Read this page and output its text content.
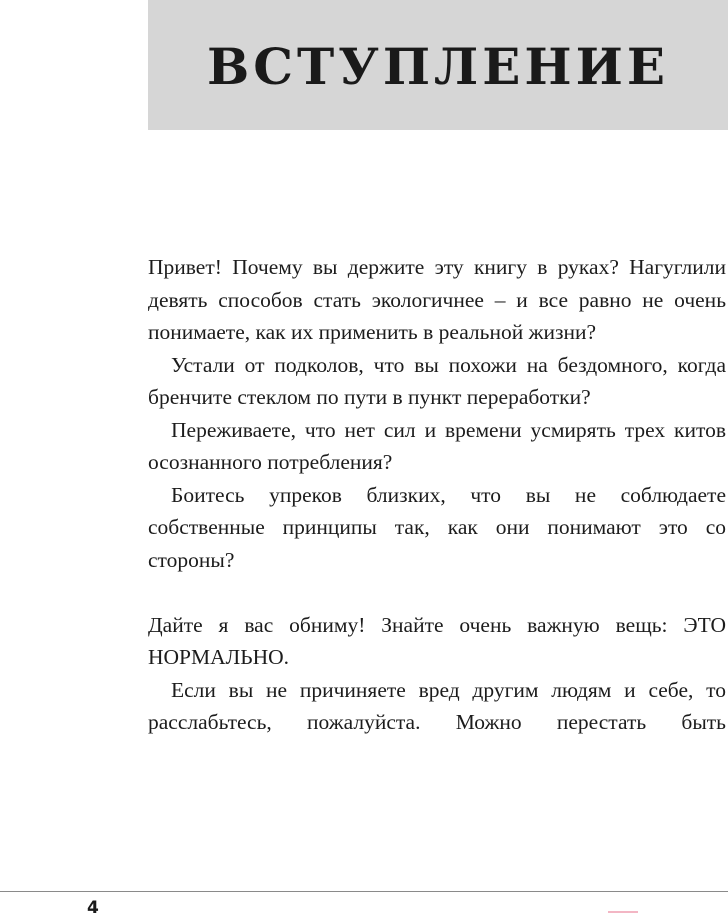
ВСТУПЛЕНИЕ

Привет! Почему вы держите эту книгу в руках? Нагуглили девять способов стать экологичнее – и все равно не очень понимаете, как их применить в реальной жизни?

Устали от подколов, что вы похожи на бездомного, когда бренчите стеклом по пути в пункт переработки?

Переживаете, что нет сил и времени усмирять трех китов осознанного потребления?

Боитесь упреков близких, что вы не соблюдаете собственные принципы так, как они понимают это со стороны?

Дайте я вас обниму! Знайте очень важную вещь: ЭТО НОРМАЛЬНО.

Если вы не причиняете вред другим людям и себе, то расслабьтесь, пожалуйста. Можно перестать быть

4
